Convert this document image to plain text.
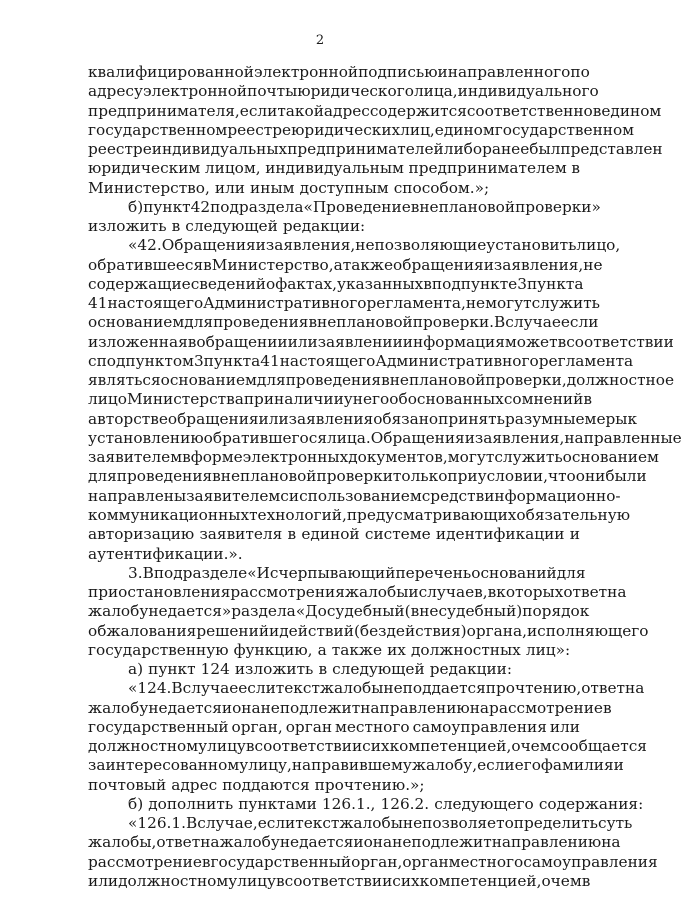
2
квалифицированной электронной подписью и направленного по
адресу электронной почты юридического лица, индивидуального
предпринимателя, если такой адрес содержится соответственно в едином
государственном реестре юридических лиц, едином государственном
реестре индивидуальных предпринимателей либо ранее был представлен
юридическим лицом, индивидуальным предпринимателем в
Министерство, или иным доступным способом.»;
б) пункт 42 подраздела «Проведение внеплановой проверки»
изложить в следующей редакции:
«42. Обращения и заявления, не позволяющие установить лицо,
обратившееся в Министерство, а также обращения и заявления, не
содержащие сведений о фактах, указанных в подпункте 3 пункта
41 настоящего Административного регламента, не могут служить
основанием для проведения внеплановой проверки. В случае если
изложенная в обращении или заявлении информация может в соответствии
с подпунктом 3 пункта 41 настоящего Административного регламента
являться основанием для проведения внеплановой проверки, должностное
лицо Министерства при наличии у него обоснованных сомнений в
авторстве обращения или заявления обязано принять разумные меры к
установлению обратившегося лица. Обращения и заявления, направленные
заявителем в форме электронных документов, могут служить основанием
для проведения внеплановой проверки только при условии, что они были
направлены заявителем с использованием средств информационно-
коммуникационных технологий, предусматривающих обязательную
авторизацию заявителя в единой системе идентификации и
аутентификации.».
3. В подразделе «Исчерпывающий перечень оснований для
приостановления рассмотрения жалобы и случаев, в которых ответ на
жалобу не дается» раздела «Досудебный (внесудебный) порядок
обжалования решений и действий (бездействия) органа, исполняющего
государственную функцию, а также их должностных лиц»:
а) пункт 124 изложить в следующей редакции:
«124. В случае если текст жалобы не поддается прочтению, ответ на
жалобу не дается и она не подлежит направлению на рассмотрение в
государственный орган, орган местного самоуправления или
должностному лицу в соответствии с их компетенцией, о чем сообщается
заинтересованному лицу, направившему жалобу, если его фамилия и
почтовый адрес поддаются прочтению.»;
б) дополнить пунктами 126.1., 126.2. следующего содержания:
«126.1. В случае, если текст жалобы не позволяет определить суть
жалобы, ответ на жалобу не дается и она не подлежит направлению на
рассмотрение в государственный орган, орган местного самоуправления
или должностному лицу в соответствии с их компетенцией, о чем в
